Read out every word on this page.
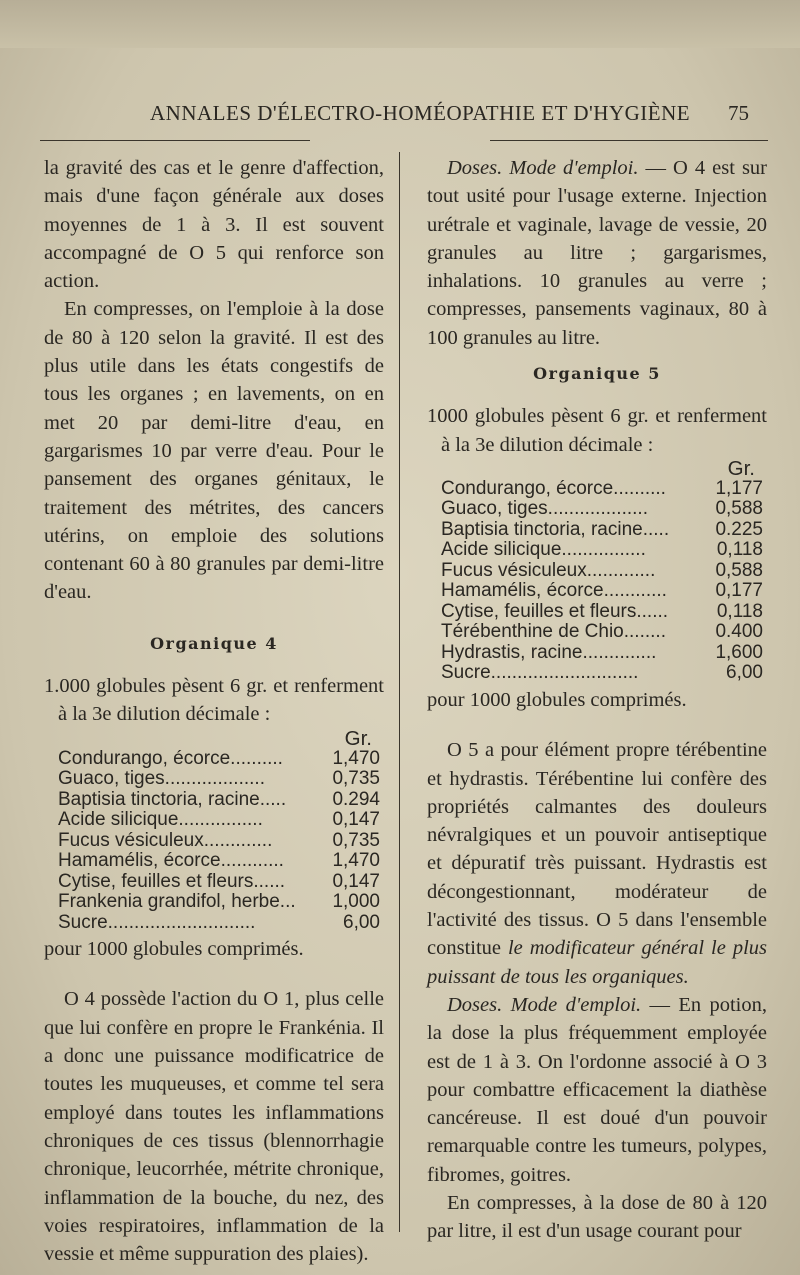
ANNALES D'ÉLECTRO-HOMÉOPATHIE ET D'HYGIÈNE 75

la gravité des cas et le genre d'affection, mais d'une façon générale aux doses moyennes de 1 à 3. Il est souvent accompagné de O 5 qui renforce son action.

En compresses, on l'emploie à la dose de 80 à 120 selon la gravité. Il est des plus utile dans les états congestifs de tous les organes ; en lavements, on en met 20 par demi-litre d'eau, en gargarismes 10 par verre d'eau. Pour le pansement des organes génitaux, le traitement des métrites, des cancers utérins, on emploie des solutions contenant 60 à 80 granules par demi-litre d'eau.

Organique 4

1.000 globules pèsent 6 gr. et renferment à la 3e dilution décimale :

Gr.
Condurango, écorce..........	1,470
Guaco, tiges...................	0,735
Baptisia tinctoria, racine.....	0.294
Acide silicique................	0,147
Fucus vésiculeux.............	0,735
Hamamélis, écorce............	1,470
Cytise, feuilles et fleurs......	0,147
Frankenia grandifol, herbe...	1,000
Sucre............................	6,00

pour 1000 globules comprimés.

O 4 possède l'action du O 1, plus celle que lui confère en propre le Frankénia. Il a donc une puissance modificatrice de toutes les muqueuses, et comme tel sera employé dans toutes les inflammations chroniques de ces tissus (blennorrhagie chronique, leucorrhée, métrite chronique, inflammation de la bouche, du nez, des voies respiratoires, inflammation de la vessie et même suppuration des plaies).

Doses. Mode d'emploi. — O 4 est sur tout usité pour l'usage externe. Injection urétrale et vaginale, lavage de vessie, 20 granules au litre ; gargarismes, inhalations. 10 granules au verre ; compresses, pansements vaginaux, 80 à 100 granules au litre.

Organique 5

1000 globules pèsent 6 gr. et renferment à la 3e dilution décimale :

Gr.
Condurango, écorce..........	1,177
Guaco, tiges...................	0,588
Baptisia tinctoria, racine.....	0.225
Acide silicique................	0,118
Fucus vésiculeux.............	0,588
Hamamélis, écorce............	0,177
Cytise, feuilles et fleurs......	0,118
Térébenthine de Chio........	0.400
Hydrastis, racine..............	1,600
Sucre............................	6,00

pour 1000 globules comprimés.

O 5 a pour élément propre térébentine et hydrastis. Térébentine lui confère des propriétés calmantes des douleurs névralgiques et un pouvoir antiseptique et dépuratif très puissant. Hydrastis est décongestionnant, modérateur de l'activité des tissus. O 5 dans l'ensemble constitue le modificateur général le plus puissant de tous les organiques.

Doses. Mode d'emploi. — En potion, la dose la plus fréquemment employée est de 1 à 3. On l'ordonne associé à O 3 pour combattre efficacement la diathèse cancéreuse. Il est doué d'un pouvoir remarquable contre les tumeurs, polypes, fibromes, goitres.

En compresses, à la dose de 80 à 120 par litre, il est d'un usage courant pour
